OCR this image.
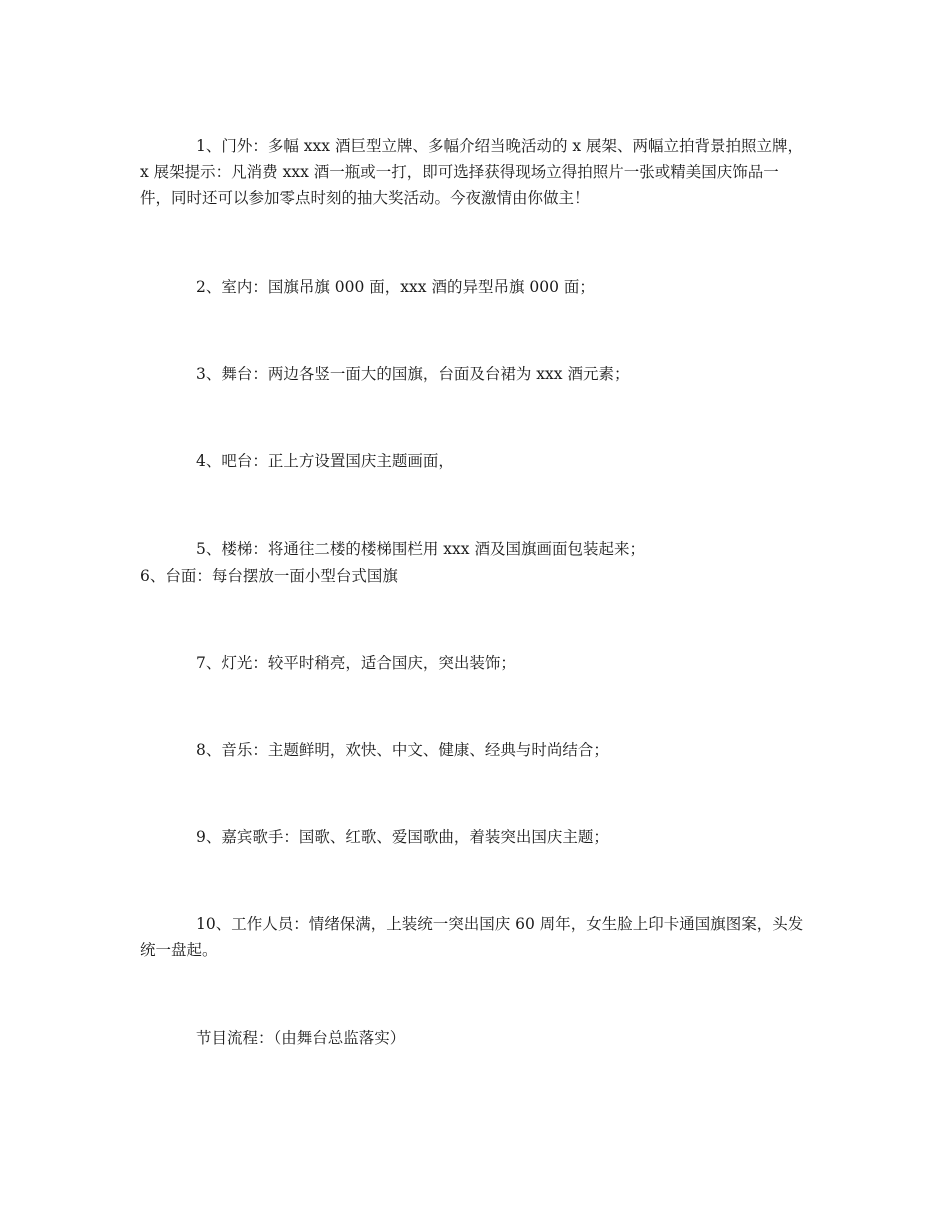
1、门外：多幅 xxx 酒巨型立牌、多幅介绍当晚活动的 x 展架、两幅立拍背景拍照立牌，x 展架提示：凡消费 xxx 酒一瓶或一打，即可选择获得现场立得拍照片一张或精美国庆饰品一件，同时还可以参加零点时刻的抽大奖活动。今夜激情由你做主！

2、室内：国旗吊旗 000 面，xxx 酒的异型吊旗 000 面；

3、舞台：两边各竖一面大的国旗，台面及台裙为 xxx 酒元素；

4、吧台：正上方设置国庆主题画面，

5、楼梯：将通往二楼的楼梯围栏用 xxx 酒及国旗画面包装起来；

6、台面：每台摆放一面小型台式国旗

7、灯光：较平时稍亮，适合国庆，突出装饰；

8、音乐：主题鲜明，欢快、中文、健康、经典与时尚结合；

9、嘉宾歌手：国歌、红歌、爱国歌曲，着装突出国庆主题；

10、工作人员：情绪保满，上装统一突出国庆 60 周年，女生脸上印卡通国旗图案，头发统一盘起。

节目流程：（由舞台总监落实）
